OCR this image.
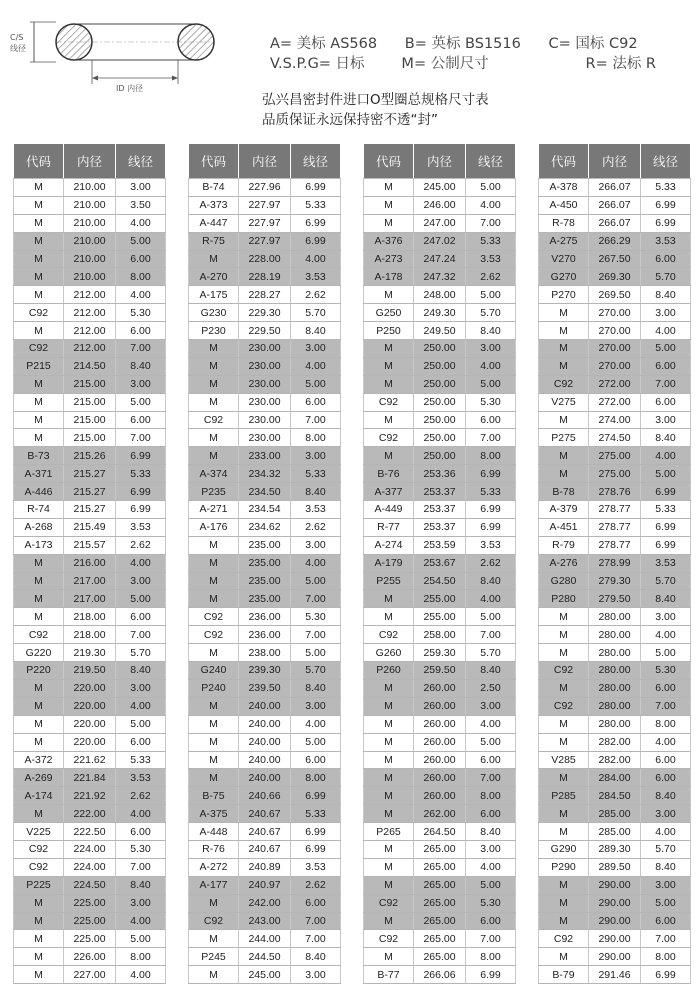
C/S
线径
ID 内径
A= 美标 AS568      B= 英标 BS1516      C= 国标 C92
V.S.P.G= 日标        M= 公制尺寸                     R= 法标 R
弘兴昌密封件进口O型圈总规格尺寸表
品质保证永远保持密不透“封”
代码	内径	线径
M	210.00	3.00
M	210.00	3.50
M	210.00	4.00
M	210.00	5.00
M	210.00	6.00
M	210.00	8.00
M	212.00	4.00
C92	212.00	5.30
M	212.00	6.00
C92	212.00	7.00
P215	214.50	8.40
M	215.00	3.00
M	215.00	5.00
M	215.00	6.00
M	215.00	7.00
B-73	215.26	6.99
A-371	215.27	5.33
A-446	215.27	6.99
R-74	215.27	6.99
A-268	215.49	3.53
A-173	215.57	2.62
M	216.00	4.00
M	217.00	3.00
M	217.00	5.00
M	218.00	6.00
C92	218.00	7.00
G220	219.30	5.70
P220	219.50	8.40
M	220.00	3.00
M	220.00	4.00
M	220.00	5.00
M	220.00	6.00
A-372	221.62	5.33
A-269	221.84	3.53
A-174	221.92	2.62
M	222.00	4.00
V225	222.50	6.00
C92	224.00	5.30
C92	224.00	7.00
P225	224.50	8.40
M	225.00	3.00
M	225.00	4.00
M	225.00	5.00
M	226.00	8.00
M	227.00	4.00
代码	内径	线径
B-74	227.96	6.99
A-373	227.97	5.33
A-447	227.97	6.99
R-75	227.97	6.99
M	228.00	4.00
A-270	228.19	3.53
A-175	228.27	2.62
G230	229.30	5.70
P230	229.50	8.40
M	230.00	3.00
M	230.00	4.00
M	230.00	5.00
M	230.00	6.00
C92	230.00	7.00
M	230.00	8.00
M	233.00	3.00
A-374	234.32	5.33
P235	234.50	8.40
A-271	234.54	3.53
A-176	234.62	2.62
M	235.00	3.00
M	235.00	4.00
M	235.00	5.00
M	235.00	7.00
C92	236.00	5.30
C92	236.00	7.00
M	238.00	5.00
G240	239.30	5.70
P240	239.50	8.40
M	240.00	3.00
M	240.00	4.00
M	240.00	5.00
M	240.00	6.00
M	240.00	8.00
B-75	240.66	6.99
A-375	240.67	5.33
A-448	240.67	6.99
R-76	240.67	6.99
A-272	240.89	3.53
A-177	240.97	2.62
M	242.00	6.00
C92	243.00	7.00
M	244.00	7.00
P245	244.50	8.40
M	245.00	3.00
代码	内径	线径
M	245.00	5.00
M	246.00	4.00
M	247.00	7.00
A-376	247.02	5.33
A-273	247.24	3.53
A-178	247.32	2.62
M	248.00	5.00
G250	249.30	5.70
P250	249.50	8.40
M	250.00	3.00
M	250.00	4.00
M	250.00	5.00
C92	250.00	5.30
M	250.00	6.00
C92	250.00	7.00
M	250.00	8.00
B-76	253.36	6.99
A-377	253.37	5.33
A-449	253.37	6.99
R-77	253.37	6.99
A-274	253.59	3.53
A-179	253.67	2.62
P255	254.50	8.40
M	255.00	4.00
M	255.00	5.00
C92	258.00	7.00
G260	259.30	5.70
P260	259.50	8.40
M	260.00	2.50
M	260.00	3.00
M	260.00	4.00
M	260.00	5.00
M	260.00	6.00
M	260.00	7.00
M	260.00	8.00
M	262.00	6.00
P265	264.50	8.40
M	265.00	3.00
M	265.00	4.00
M	265.00	5.00
C92	265.00	5.30
M	265.00	6.00
C92	265.00	7.00
M	265.00	8.00
B-77	266.06	6.99
代码	内径	线径
A-378	266.07	5.33
A-450	266.07	6.99
R-78	266.07	6.99
A-275	266.29	3.53
V270	267.50	6.00
G270	269.30	5.70
P270	269.50	8.40
M	270.00	3.00
M	270.00	4.00
M	270.00	5.00
M	270.00	6.00
C92	272.00	7.00
V275	272.00	6.00
M	274.00	3.00
P275	274.50	8.40
M	275.00	4.00
M	275.00	5.00
B-78	278.76	6.99
A-379	278.77	5.33
A-451	278.77	6.99
R-79	278.77	6.99
A-276	278.99	3.53
G280	279.30	5.70
P280	279.50	8.40
M	280.00	3.00
M	280.00	4.00
M	280.00	5.00
C92	280.00	5.30
M	280.00	6.00
C92	280.00	7.00
M	280.00	8.00
M	282.00	4.00
V285	282.00	6.00
M	284.00	6.00
P285	284.50	8.40
M	285.00	3.00
M	285.00	4.00
G290	289.30	5.70
P290	289.50	8.40
M	290.00	3.00
M	290.00	5.00
M	290.00	6.00
C92	290.00	7.00
M	290.00	8.00
B-79	291.46	6.99
